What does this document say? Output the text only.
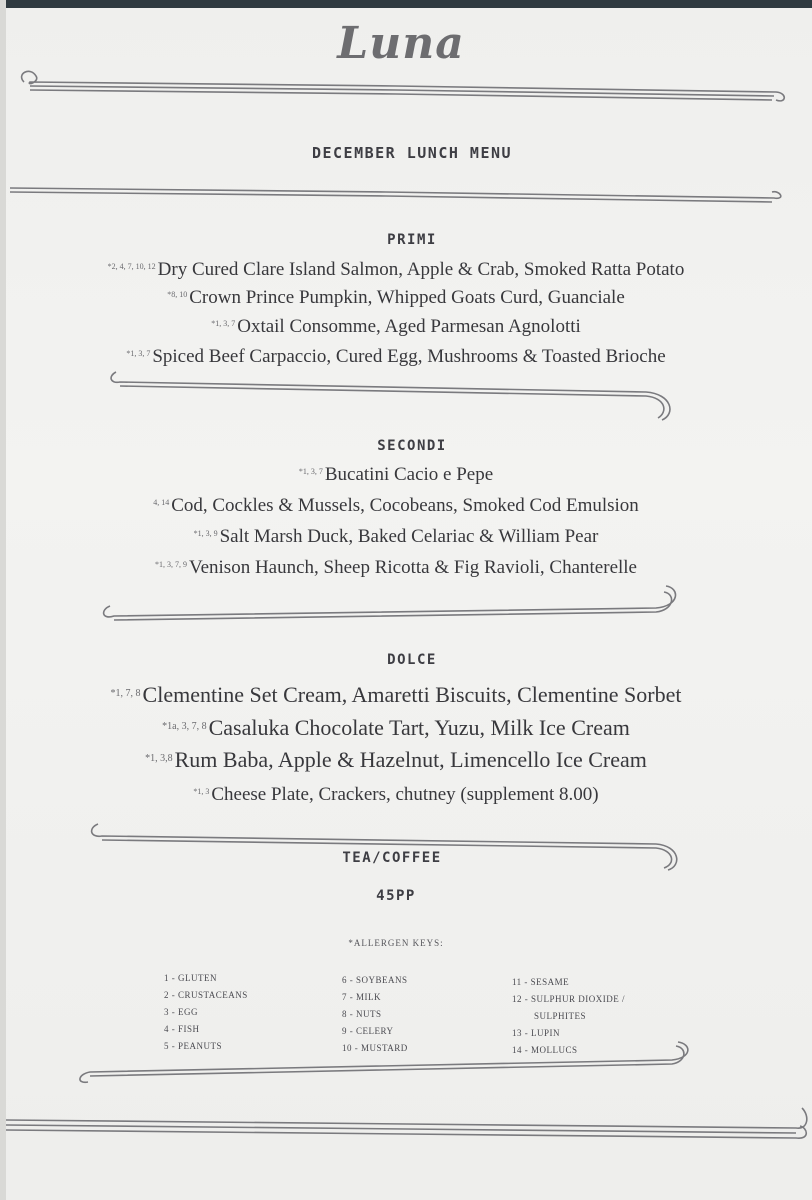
Luna
DECEMBER LUNCH MENU
PRIMI
$^{*2, 4, 7, 10, 12}$ Dry Cured Clare Island Salmon, Apple & Crab, Smoked Ratta Potato
$^{*8, 10}$ Crown Prince Pumpkin, Whipped Goats Curd, Guanciale
$^{*1, 3, 7}$ Oxtail Consomme, Aged Parmesan Agnolotti
$^{*1, 3, 7}$ Spiced Beef Carpaccio, Cured Egg, Mushrooms & Toasted Brioche
SECONDI
$^{*1, 3, 7}$ Bucatini Cacio e Pepe
$^{4, 14}$ Cod, Cockles & Mussels, Cocobeans, Smoked Cod Emulsion
$^{*1, 3, 9}$ Salt Marsh Duck, Baked Celariac & William Pear
$^{*1, 3, 7, 9}$ Venison Haunch, Sheep Ricotta & Fig Ravioli, Chanterelle
DOLCE
$^{*1, 7, 8}$Clementine Set Cream, Amaretti Biscuits, Clementine Sorbet
$^{*1a, 3, 7, 8}$Casaluka Chocolate Tart, Yuzu, Milk Ice Cream
$^{*1, 3,8}$Rum Baba, Apple & Hazelnut, Limencello Ice Cream
$^{*1, 3}$ Cheese Plate, Crackers, chutney (supplement 8.00)
TEA/COFFEE
45PP
*ALLERGEN KEYS:
1 - GLUTEN
2 - CRUSTACEANS
3 - EGG
4 - FISH
5 - PEANUTS
6 - SOYBEANS
7 - MILK
8 - NUTS
9 - CELERY
10 - MUSTARD
11 - SESAME
12 - SULPHUR DIOXIDE /
SULPHITES
13 - LUPIN
14 - MOLLUCS
